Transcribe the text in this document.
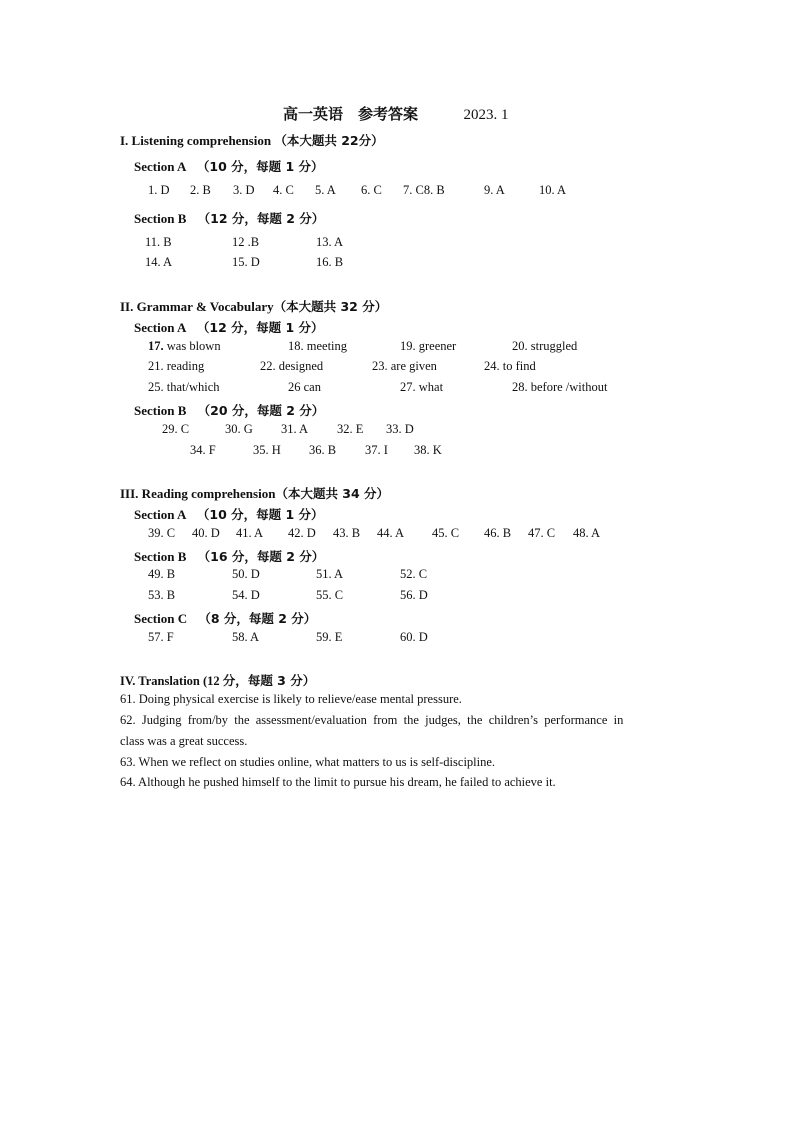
高一英语　参考答案	2023. 1
I. Listening comprehension （本大题共 22分）
Section A （10 分，每题 1 分）
1. D 2. B 3. D 4. C 5. A 6. C 7. C8. B	9. A	10. A
Section B （12 分，每题 2 分）
11. B	12 .B	13. A
14. A	15. D	16. B
II. Grammar & Vocabulary（本大题共 32 分）
Section A （12 分，每题 1 分）
17. was blown	18. meeting	19. greener	20. struggled
21. reading	22. designed	23. are given	24. to find
25. that/which	26 can	27. what	28. before /without
Section B （20 分，每题 2 分）
29. C	30. G 31. A 32. E 33. D
34. F	35. H 36. B 37. I 38. K
III. Reading comprehension（本大题共 34 分）
Section A （10 分，每题 1 分）
39. C 40. D 41. A 42. D 43. B 44. A 45. C 46. B 47. C 48. A
Section B （16 分，每题 2 分）
49. B	50. D	51. A	52. C
53. B	54. D	55. C	56. D
Section C （8 分，每题 2 分）
57. F	58. A	59. E	60. D
IV. Translation (12 分，每题 3 分）
61. Doing physical exercise is likely to relieve/ease mental pressure.
62.  Judging  from/by  the  assessment/evaluation  from  the  judges,  the  children’s  performance  in
class was a great success.
63. When we reflect on studies online, what matters to us is self-discipline.
64. Although he pushed himself to the limit to pursue his dream, he failed to achieve it.
